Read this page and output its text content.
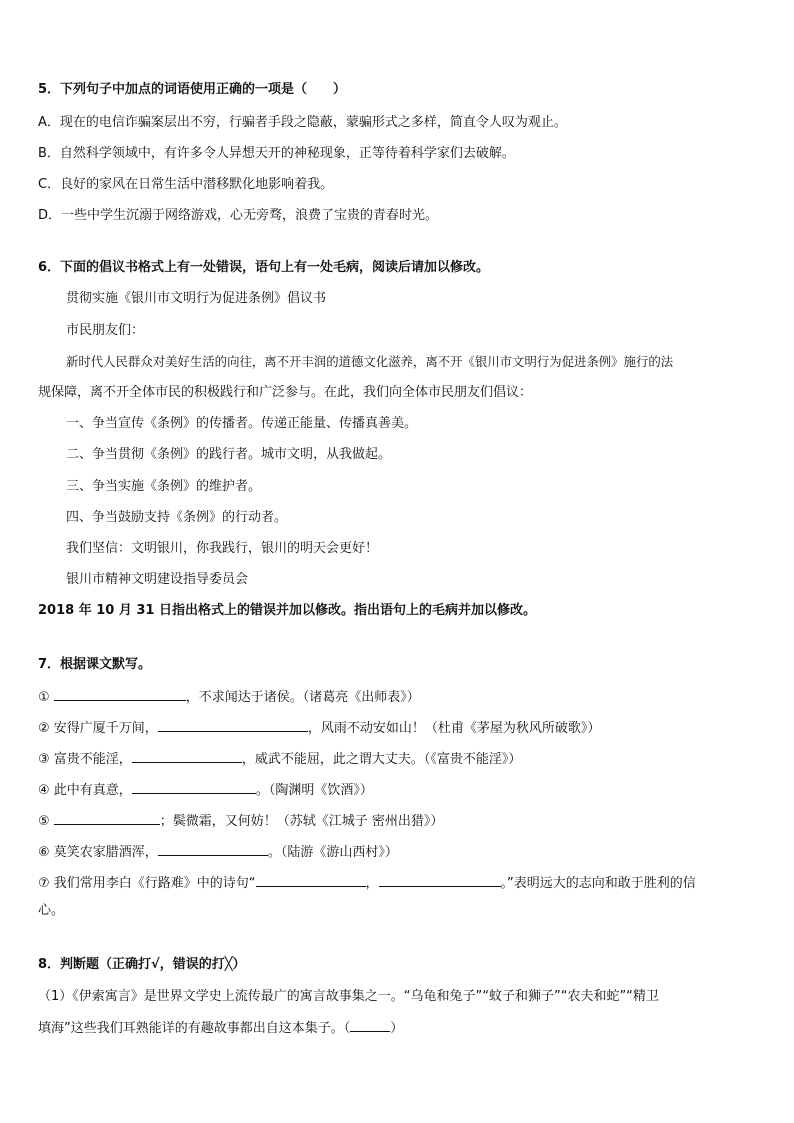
5．下列句子中加点的词语使用正确的一项是（　　）
A．现在的电信诈骗案层出不穷，行骗者手段之隐蔽，蒙骗形式之多样，简直令人叹为观止。
B．自然科学领域中，有许多令人异想天开的神秘现象，正等待着科学家们去破解。
C．良好的家风在日常生活中潜移默化地影响着我。
D．一些中学生沉溺于网络游戏，心无旁骛，浪费了宝贵的青春时光。
6．下面的倡议书格式上有一处错误，语句上有一处毛病，阅读后请加以修改。
贯彻实施《银川市文明行为促进条例》倡议书
市民朋友们：
新时代人民群众对美好生活的向往，离不开丰润的道德文化滋养，离不开《银川市文明行为促进条例》施行的法
规保障，离不开全体市民的积极践行和广泛参与。在此，我们向全体市民朋友们倡议：
一、争当宣传《条例》的传播者。传递正能量、传播真善美。
二、争当贯彻《条例》的践行者。城市文明，从我做起。
三、争当实施《条例》的维护者。
四、争当鼓励支持《条例》的行动者。
我们坚信：文明银川，你我践行，银川的明天会更好！
银川市精神文明建设指导委员会
2018 年 10 月 31 日指出格式上的错误并加以修改。指出语句上的毛病并加以修改。
7．根据课文默写。
①	，不求闻达于诸侯。（诸葛亮《出师表》）
② 安得广厦千万间，	，风雨不动安如山！（杜甫《茅屋为秋风所破歌》）
③ 富贵不能淫，	，威武不能屈，此之谓大丈夫。（《富贵不能淫》）
④ 此中有真意，	。（陶渊明《饮酒》）
⑤	；鬓微霜，又何妨！（苏轼《江城子 密州出猎》）
⑥ 莫笑农家腊酒浑，	。（陆游《游山西村》）
⑦ 我们常用李白《行路难》中的诗句“	，	。”表明远大的志向和敢于胜利的信
心。
8．判断题（正确打√，错误的打╳）
（1）《伊索寓言》是世界文学史上流传最广的寓言故事集之一。“乌龟和兔子”“蚊子和狮子”“农夫和蛇”“精卫
填海”这些我们耳熟能详的有趣故事都出自这本集子。（	）
